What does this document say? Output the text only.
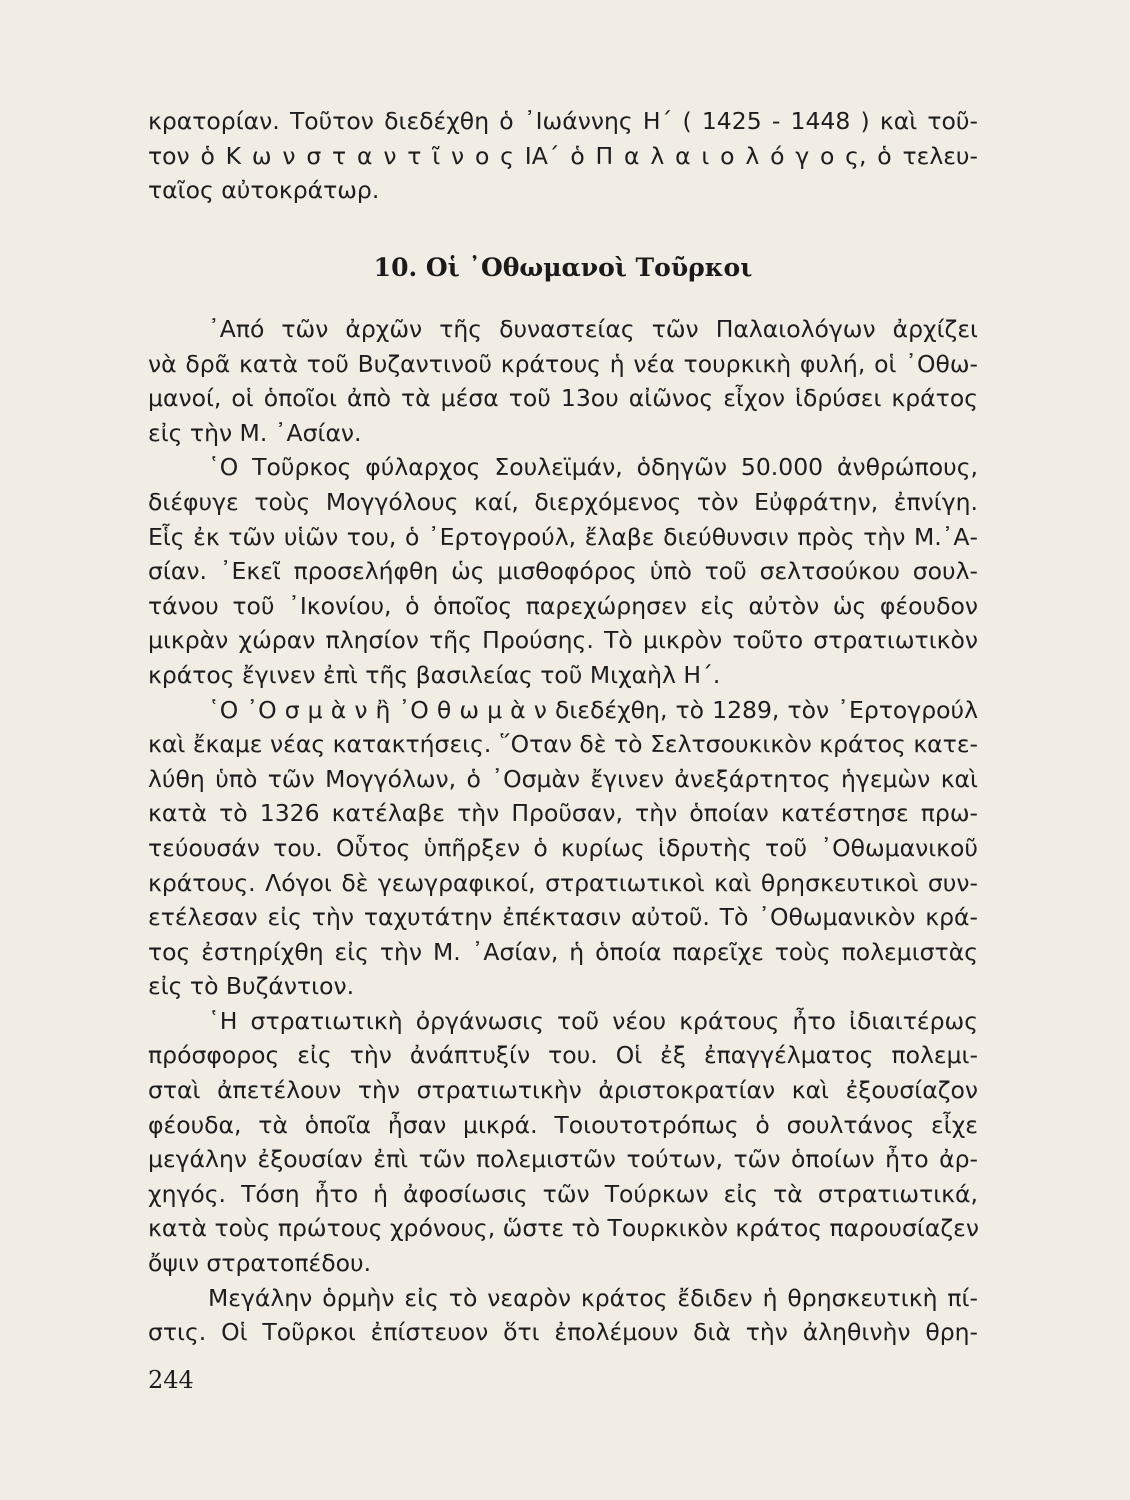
κρατορίαν. Τοῦτον διεδέχθη ὁ ᾿Ιωάννης Η΄ ( 1425 - 1448 ) καὶ τοῦ-
τον ὁ Κ ω ν σ τ α ν τ ῖ ν ο ς ΙΑ΄ ὁ Π α λ α ι ο λ ό γ ο ς, ὁ τελευ-
ταῖος αὐτοκράτωρ.
10. Οἱ ᾿Οθωμανοὶ Τοῦρκοι
᾿Από τῶν ἀρχῶν τῆς δυναστείας τῶν Παλαιολόγων ἀρχίζει
νὰ δρᾶ κατὰ τοῦ Βυζαντινοῦ κράτους ἡ νέα τουρκικὴ φυλή, οἱ ᾿Οθω-
μανοί, οἱ ὁποῖοι ἀπὸ τὰ μέσα τοῦ 13ου αἰῶνος εἶχον ἱδρύσει κράτος
εἰς τὴν Μ. ᾿Ασίαν.
῾Ο Τοῦρκος φύλαρχος Σουλεϊμάν, ὁδηγῶν 50.000 ἀνθρώπους,
διέφυγε τοὺς Μογγόλους καί, διερχόμενος τὸν Εὐφράτην, ἐπνίγη.
Εἷς ἐκ τῶν υἱῶν του, ὁ ᾿Ερτογρούλ, ἔλαβε διεύθυνσιν πρὸς τὴν Μ.᾿Α-
σίαν. ᾿Εκεῖ προσελήφθη ὡς μισθοφόρος ὑπὸ τοῦ σελτσούκου σουλ-
τάνου τοῦ ᾿Ικονίου, ὁ ὁποῖος παρεχώρησεν εἰς αὐτὸν ὡς φέουδον
μικρὰν χώραν πλησίον τῆς Προύσης. Τὸ μικρὸν τοῦτο στρατιωτικὸν
κράτος ἔγινεν ἐπὶ τῆς βασιλείας τοῦ Μιχαὴλ Η΄.
῾Ο ᾿Ο σ μ ὰ ν ἢ ᾿Ο θ ω μ ὰ ν διεδέχθη, τὸ 1289, τὸν ᾿Ερτογρούλ
καὶ ἔκαμε νέας κατακτήσεις. ῞Οταν δὲ τὸ Σελτσουκικὸν κράτος κατε-
λύθη ὑπὸ τῶν Μογγόλων, ὁ ᾿Οσμὰν ἔγινεν ἀνεξάρτητος ἡγεμὼν καὶ
κατὰ τὸ 1326 κατέλαβε τὴν Προῦσαν, τὴν ὁποίαν κατέστησε πρω-
τεύουσάν του. Οὗτος ὑπῆρξεν ὁ κυρίως ἱδρυτὴς τοῦ ᾿Οθωμανικοῦ
κράτους. Λόγοι δὲ γεωγραφικοί, στρατιωτικοὶ καὶ θρησκευτικοὶ συν-
ετέλεσαν εἰς τὴν ταχυτάτην ἐπέκτασιν αὐτοῦ. Τὸ ᾿Οθωμανικὸν κρά-
τος ἐστηρίχθη εἰς τὴν Μ. ᾿Ασίαν, ἡ ὁποία παρεῖχε τοὺς πολεμιστὰς
εἰς τὸ Βυζάντιον.
῾Η στρατιωτικὴ ὀργάνωσις τοῦ νέου κράτους ἦτο ἰδιαιτέρως
πρόσφορος εἰς τὴν ἀνάπτυξίν του. Οἱ ἐξ ἐπαγγέλματος πολεμι-
σταὶ ἀπετέλουν τὴν στρατιωτικὴν ἀριστοκρατίαν καὶ ἐξουσίαζον
φέουδα, τὰ ὁποῖα ἦσαν μικρά. Τοιουτοτρόπως ὁ σουλτάνος εἶχε
μεγάλην ἐξουσίαν ἐπὶ τῶν πολεμιστῶν τούτων, τῶν ὁποίων ἦτο ἀρ-
χηγός. Τόση ἦτο ἡ ἀφοσίωσις τῶν Τούρκων εἰς τὰ στρατιωτικά,
κατὰ τοὺς πρώτους χρόνους, ὥστε τὸ Τουρκικὸν κράτος παρουσίαζεν
ὄψιν στρατοπέδου.
Μεγάλην ὁρμὴν εἰς τὸ νεαρὸν κράτος ἔδιδεν ἡ θρησκευτικὴ πί-
στις. Οἱ Τοῦρκοι ἐπίστευον ὅτι ἐπολέμουν διὰ τὴν ἀληθινὴν θρη-
244
